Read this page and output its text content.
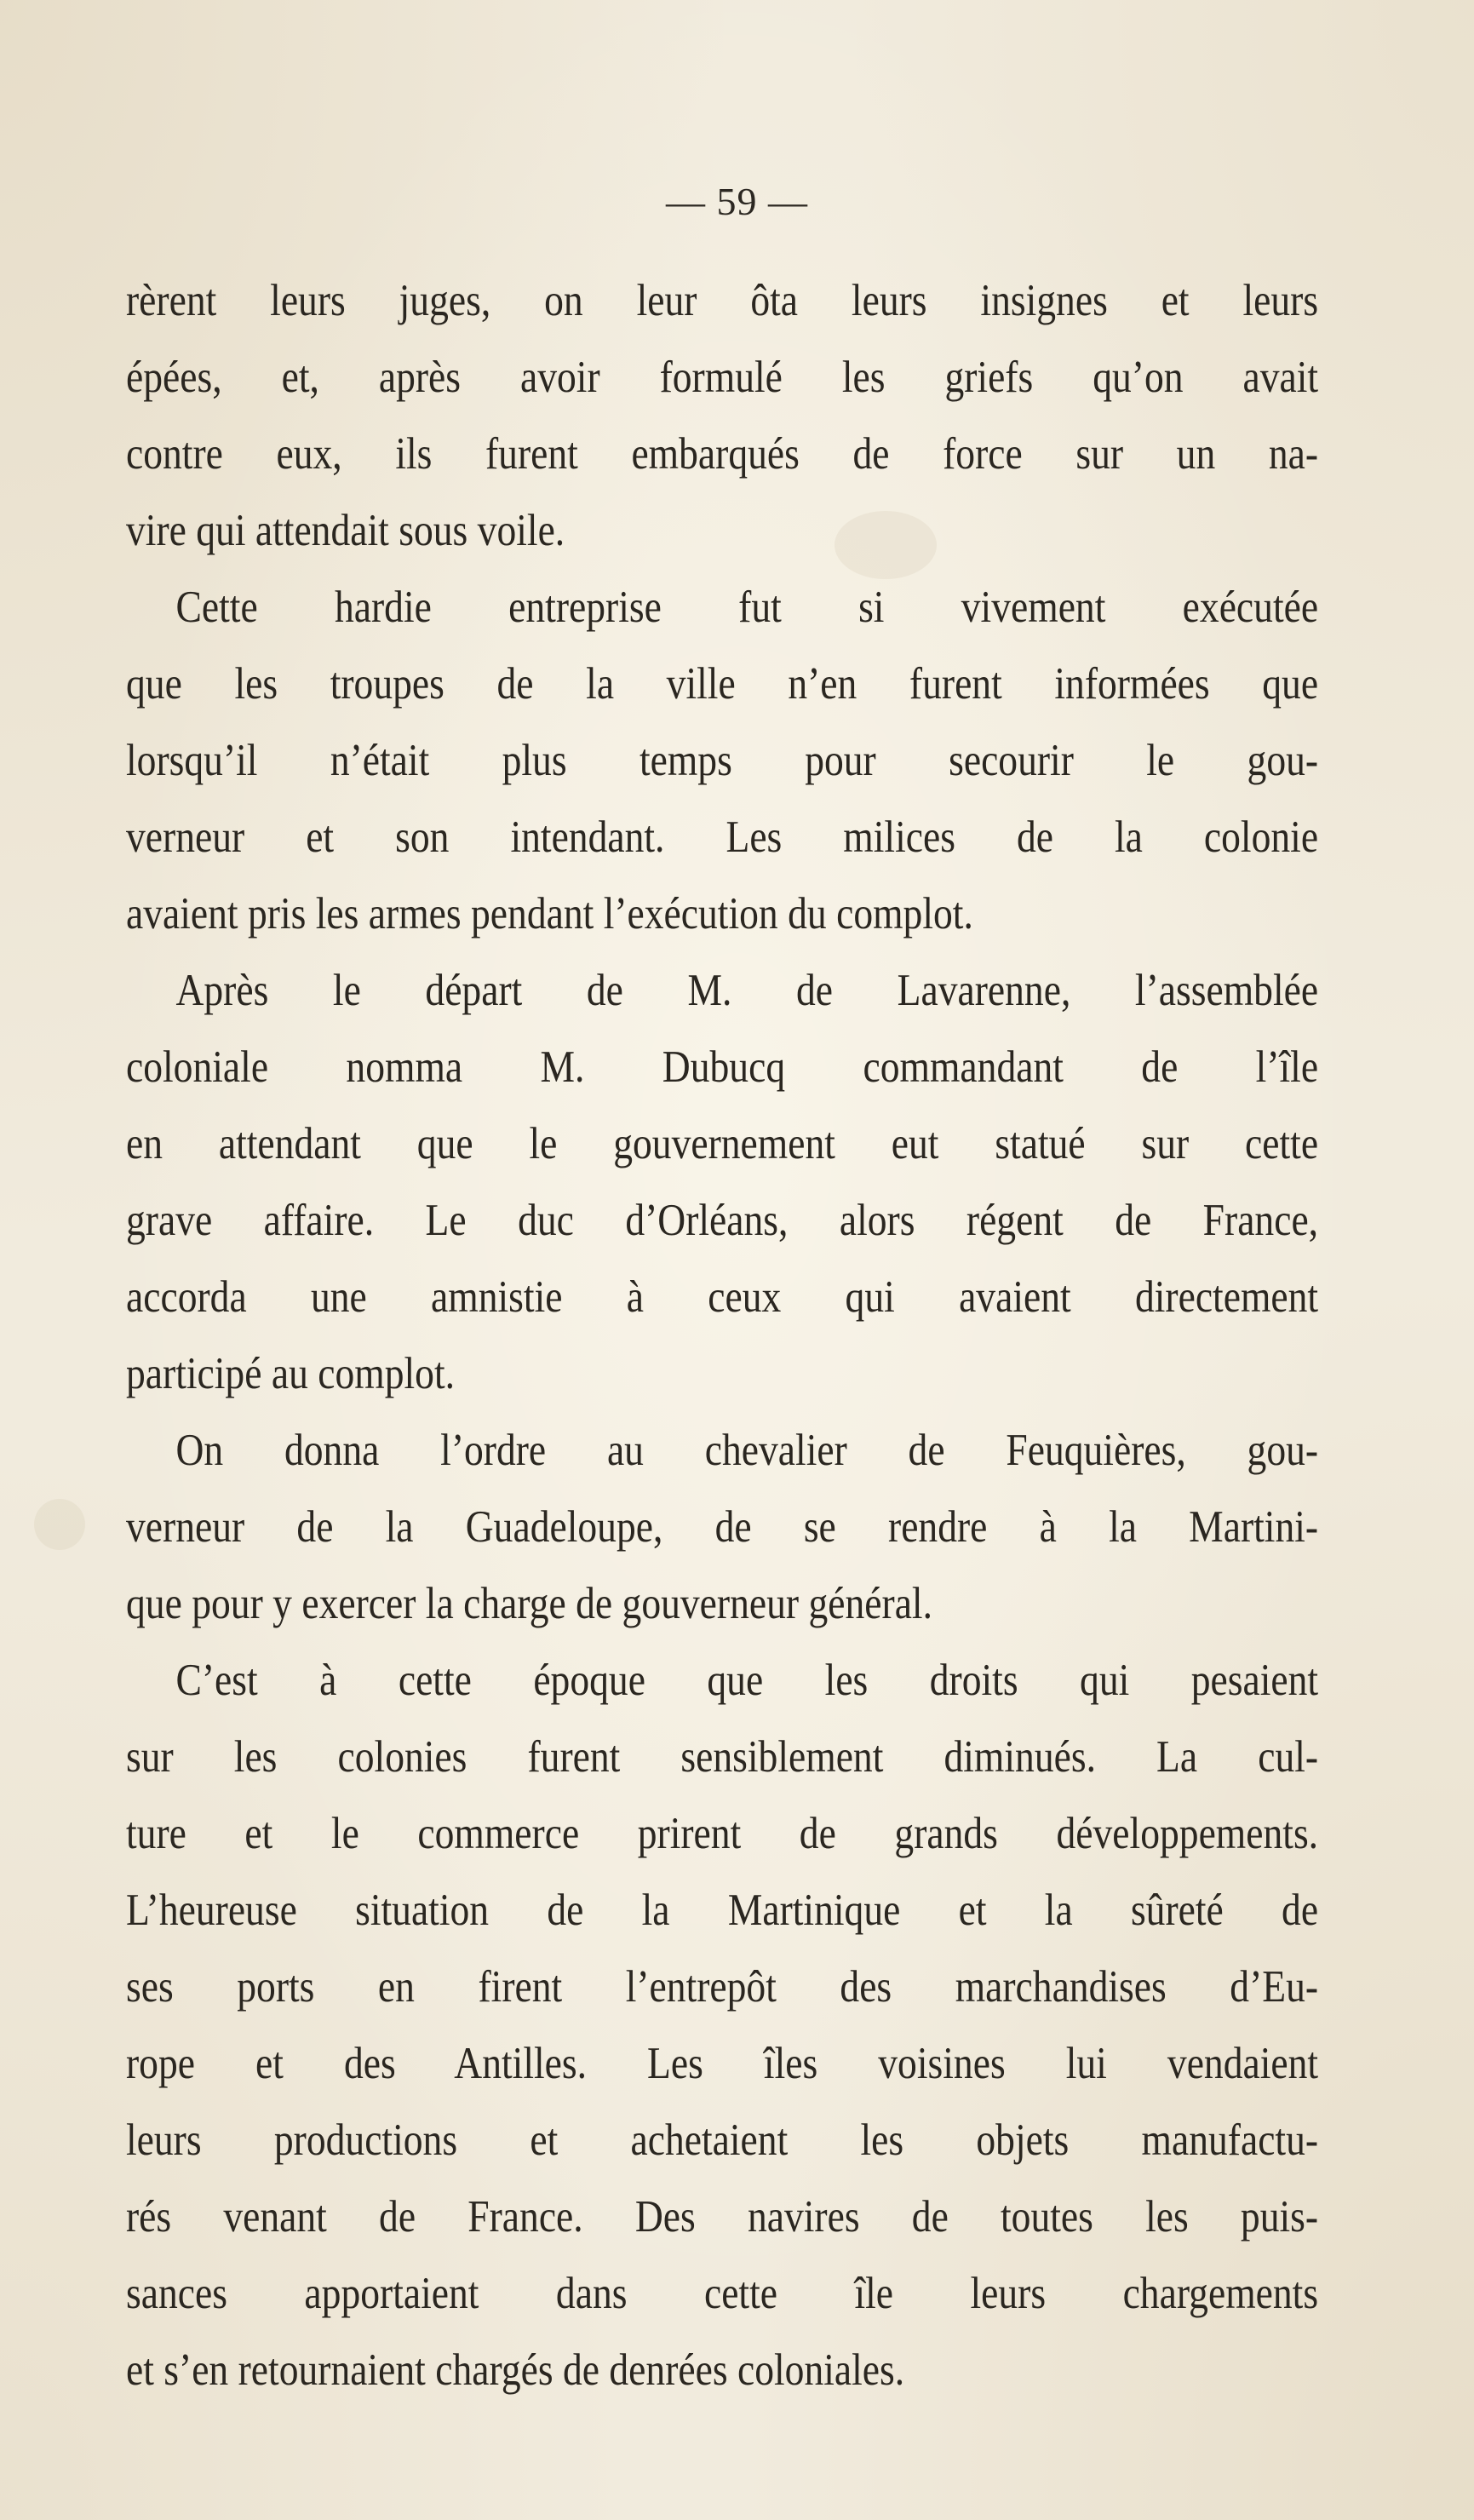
— 59 —
rèrent leurs juges, on leur ôta leurs insignes et leurs
épées, et, après avoir formulé les griefs qu’on avait
contre eux, ils furent embarqués de force sur un na-
vire qui attendait sous voile.
Cette hardie entreprise fut si vivement exécutée
que les troupes de la ville n’en furent informées que
lorsqu’il n’était plus temps pour secourir le gou-
verneur et son intendant. Les milices de la colonie
avaient pris les armes pendant l’exécution du complot.
Après le départ de M. de Lavarenne, l’assemblée
coloniale nomma M. Dubucq commandant de l’île
en attendant que le gouvernement eut statué sur cette
grave affaire. Le duc d’Orléans, alors régent de France,
accorda une amnistie à ceux qui avaient directement
participé au complot.
On donna l’ordre au chevalier de Feuquières, gou-
verneur de la Guadeloupe, de se rendre à la Martini-
que pour y exercer la charge de gouverneur général.
C’est à cette époque que les droits qui pesaient
sur les colonies furent sensiblement diminués. La cul-
ture et le commerce prirent de grands développements.
L’heureuse situation de la Martinique et la sûreté de
ses ports en firent l’entrepôt des marchandises d’Eu-
rope et des Antilles. Les îles voisines lui vendaient
leurs productions et achetaient les objets manufactu-
rés venant de France. Des navires de toutes les puis-
sances apportaient dans cette île leurs chargements
et s’en retournaient chargés de denrées coloniales.
